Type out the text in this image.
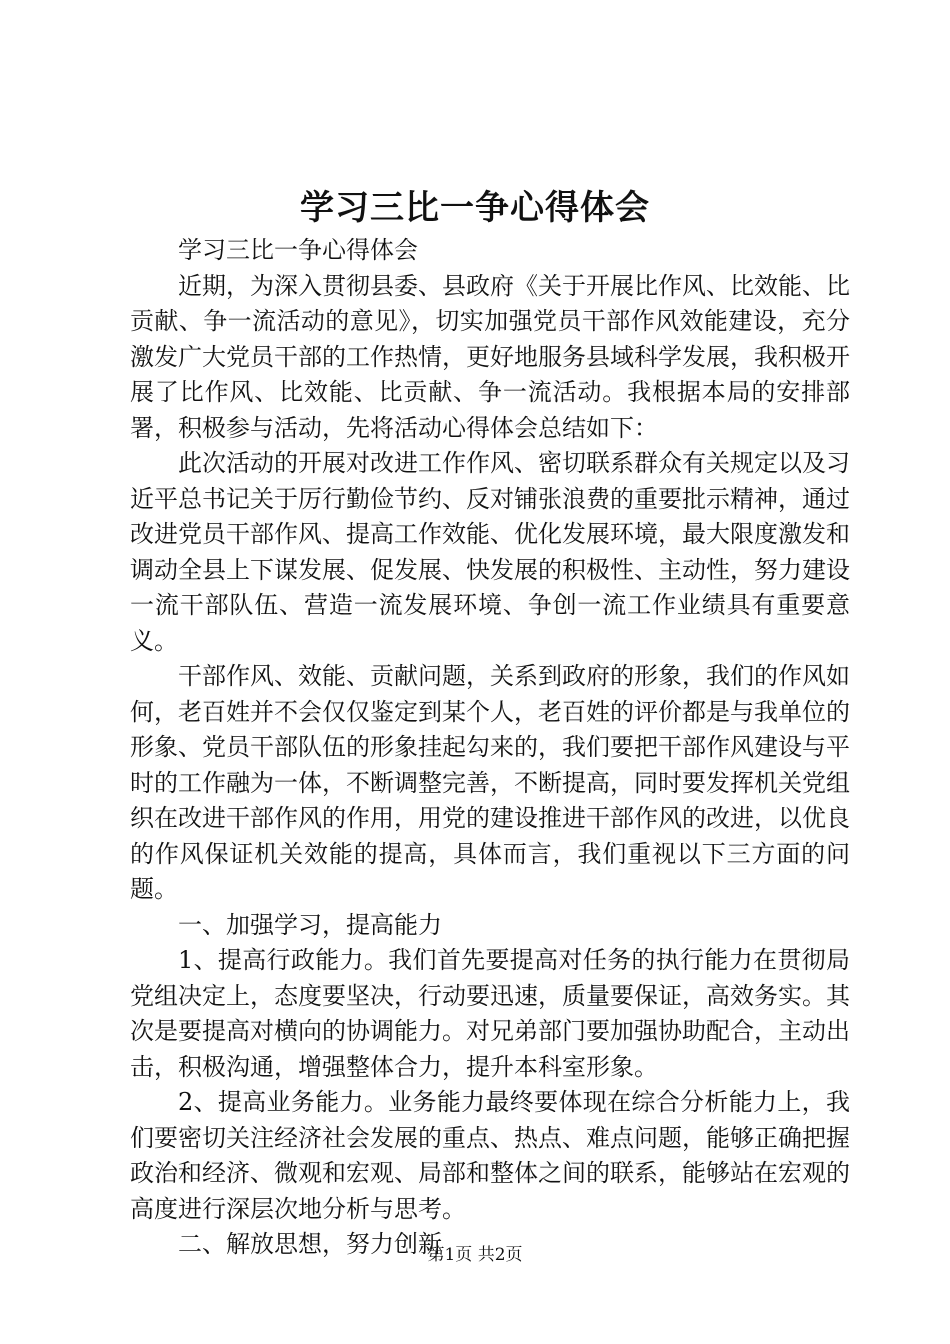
学习三比一争心得体会

学习三比一争心得体会

近期，为深入贯彻县委、县政府《关于开展比作风、比效能、比贡献、争一流活动的意见》，切实加强党员干部作风效能建设，充分激发广大党员干部的工作热情，更好地服务县域科学发展，我积极开展了比作风、比效能、比贡献、争一流活动。我根据本局的安排部署，积极参与活动，先将活动心得体会总结如下：

此次活动的开展对改进工作作风、密切联系群众有关规定以及习近平总书记关于厉行勤俭节约、反对铺张浪费的重要批示精神，通过改进党员干部作风、提高工作效能、优化发展环境，最大限度激发和调动全县上下谋发展、促发展、快发展的积极性、主动性，努力建设一流干部队伍、营造一流发展环境、争创一流工作业绩具有重要意义。

干部作风、效能、贡献问题，关系到政府的形象，我们的作风如何，老百姓并不会仅仅鉴定到某个人，老百姓的评价都是与我单位的形象、党员干部队伍的形象挂起勾来的，我们要把干部作风建设与平时的工作融为一体，不断调整完善，不断提高，同时要发挥机关党组织在改进干部作风的作用，用党的建设推进干部作风的改进，以优良的作风保证机关效能的提高，具体而言，我们重视以下三方面的问题。

一、加强学习，提高能力

1、提高行政能力。我们首先要提高对任务的执行能力在贯彻局党组决定上，态度要坚决，行动要迅速，质量要保证，高效务实。其次是要提高对横向的协调能力。对兄弟部门要加强协助配合，主动出击，积极沟通，增强整体合力，提升本科室形象。

2、提高业务能力。业务能力最终要体现在综合分析能力上，我们要密切关注经济社会发展的重点、热点、难点问题，能够正确把握政治和经济、微观和宏观、局部和整体之间的联系，能够站在宏观的高度进行深层次地分析与思考。

二、解放思想，努力创新

第1页 共2页
